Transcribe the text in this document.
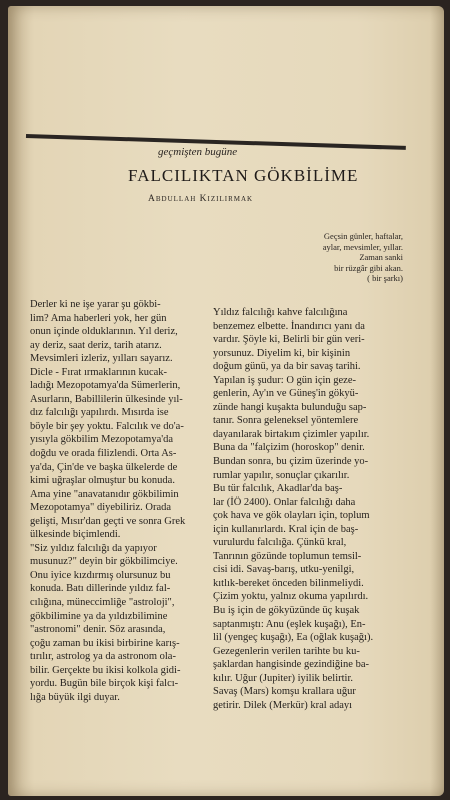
geçmişten bugüne
FALCILIKTAN GÖKBİLİME
Abdullah Kızılırmak
Geçsin günler, haftalar,
aylar, mevsimler, yıllar.
Zaman sanki
bir rüzgâr gibi akan.
( bir şarkı)
Derler ki ne işe yarar şu gökbi-
lim? Ama haberleri yok, her gün
onun içinde olduklarının. Yıl deriz,
ay deriz, saat deriz, tarih atarız.
Mevsimleri izleriz, yılları sayarız.
Dicle - Fırat ırmaklarının kucak-
ladığı Mezopotamya'da Sümerlerin,
Asurların, Babillilerin ülkesinde yıl-
dız falcılığı yapılırdı. Mısırda ise
böyle bir şey yoktu. Falcılık ve do'a-
yısıyla gökbilim Mezopotamya'da
doğdu ve orada filizlendi. Orta As-
ya'da, Çin'de ve başka ülkelerde de
kimi uğraşlar olmuştur bu konuda.
Ama yine "anavatanıdır gökbilimin
Mezopotamya" diyebiliriz. Orada
gelişti, Mısır'dan geçti ve sonra Grek
ülkesinde biçimlendi.
"Siz yıldız falcılığı da yapıyor
musunuz?" deyin bir gökbilimciye.
Onu iyice kızdırmış olursunuz bu
konuda. Batı dillerinde yıldız fal-
cılığına, müneccimliğe "astroloji",
gökbilimine ya da yıldızbilimine
"astronomi" denir. Söz arasında,
çoğu zaman bu ikisi birbirine karış-
tırılır, astrolog ya da astronom ola-
bilir. Gerçekte bu ikisi kolkola gidi-
yordu. Bugün bile birçok kişi falcı-
lığa büyük ilgi duyar.
Yıldız falcılığı kahve falcılığına
benzemez elbette. İnandırıcı yanı da
vardır. Şöyle ki, Belirli bir gün veri-
yorsunuz. Diyelim ki, bir kişinin
doğum günü, ya da bir savaş tarihi.
Yapılan iş şudur: O gün için geze-
genlerin, Ay'ın ve Güneş'in gökyü-
zünde hangi kuşakta bulunduğu sap-
tanır. Sonra geleneksel yöntemlere
dayanılarak birtakım çizimler yapılır.
Buna da "falçizim (horoskop" denir.
Bundan sonra, bu çizim üzerinde yo-
rumlar yapılır, sonuçlar çıkarılır.
Bu tür falcılık, Akadlar'da baş-
lar (İÖ 2400). Onlar falcılığı daha
çok hava ve gök olayları için, toplum
için kullanırlardı. Kral için de baş-
vurulurdu falcılığa. Çünkü kral,
Tanrının gözünde toplumun temsil-
cisi idi. Savaş-barış, utku-yenilgi,
kıtlık-bereket önceden bilinmeliydi.
Çizim yoktu, yalnız okuma yapılırdı.
Bu iş için de gökyüzünde üç kuşak
saptanmıştı: Anu (eşlek kuşağı), En-
lil (yengeç kuşağı), Ea (oğlak kuşağı).
Gezegenlerin verilen tarihte bu ku-
şaklardan hangisinde gezindiğine ba-
kılır. Uğur (Jupiter) iyilik belirtir.
Savaş (Mars) komşu krallara uğur
getirir. Dilek (Merkür) kral adayı
